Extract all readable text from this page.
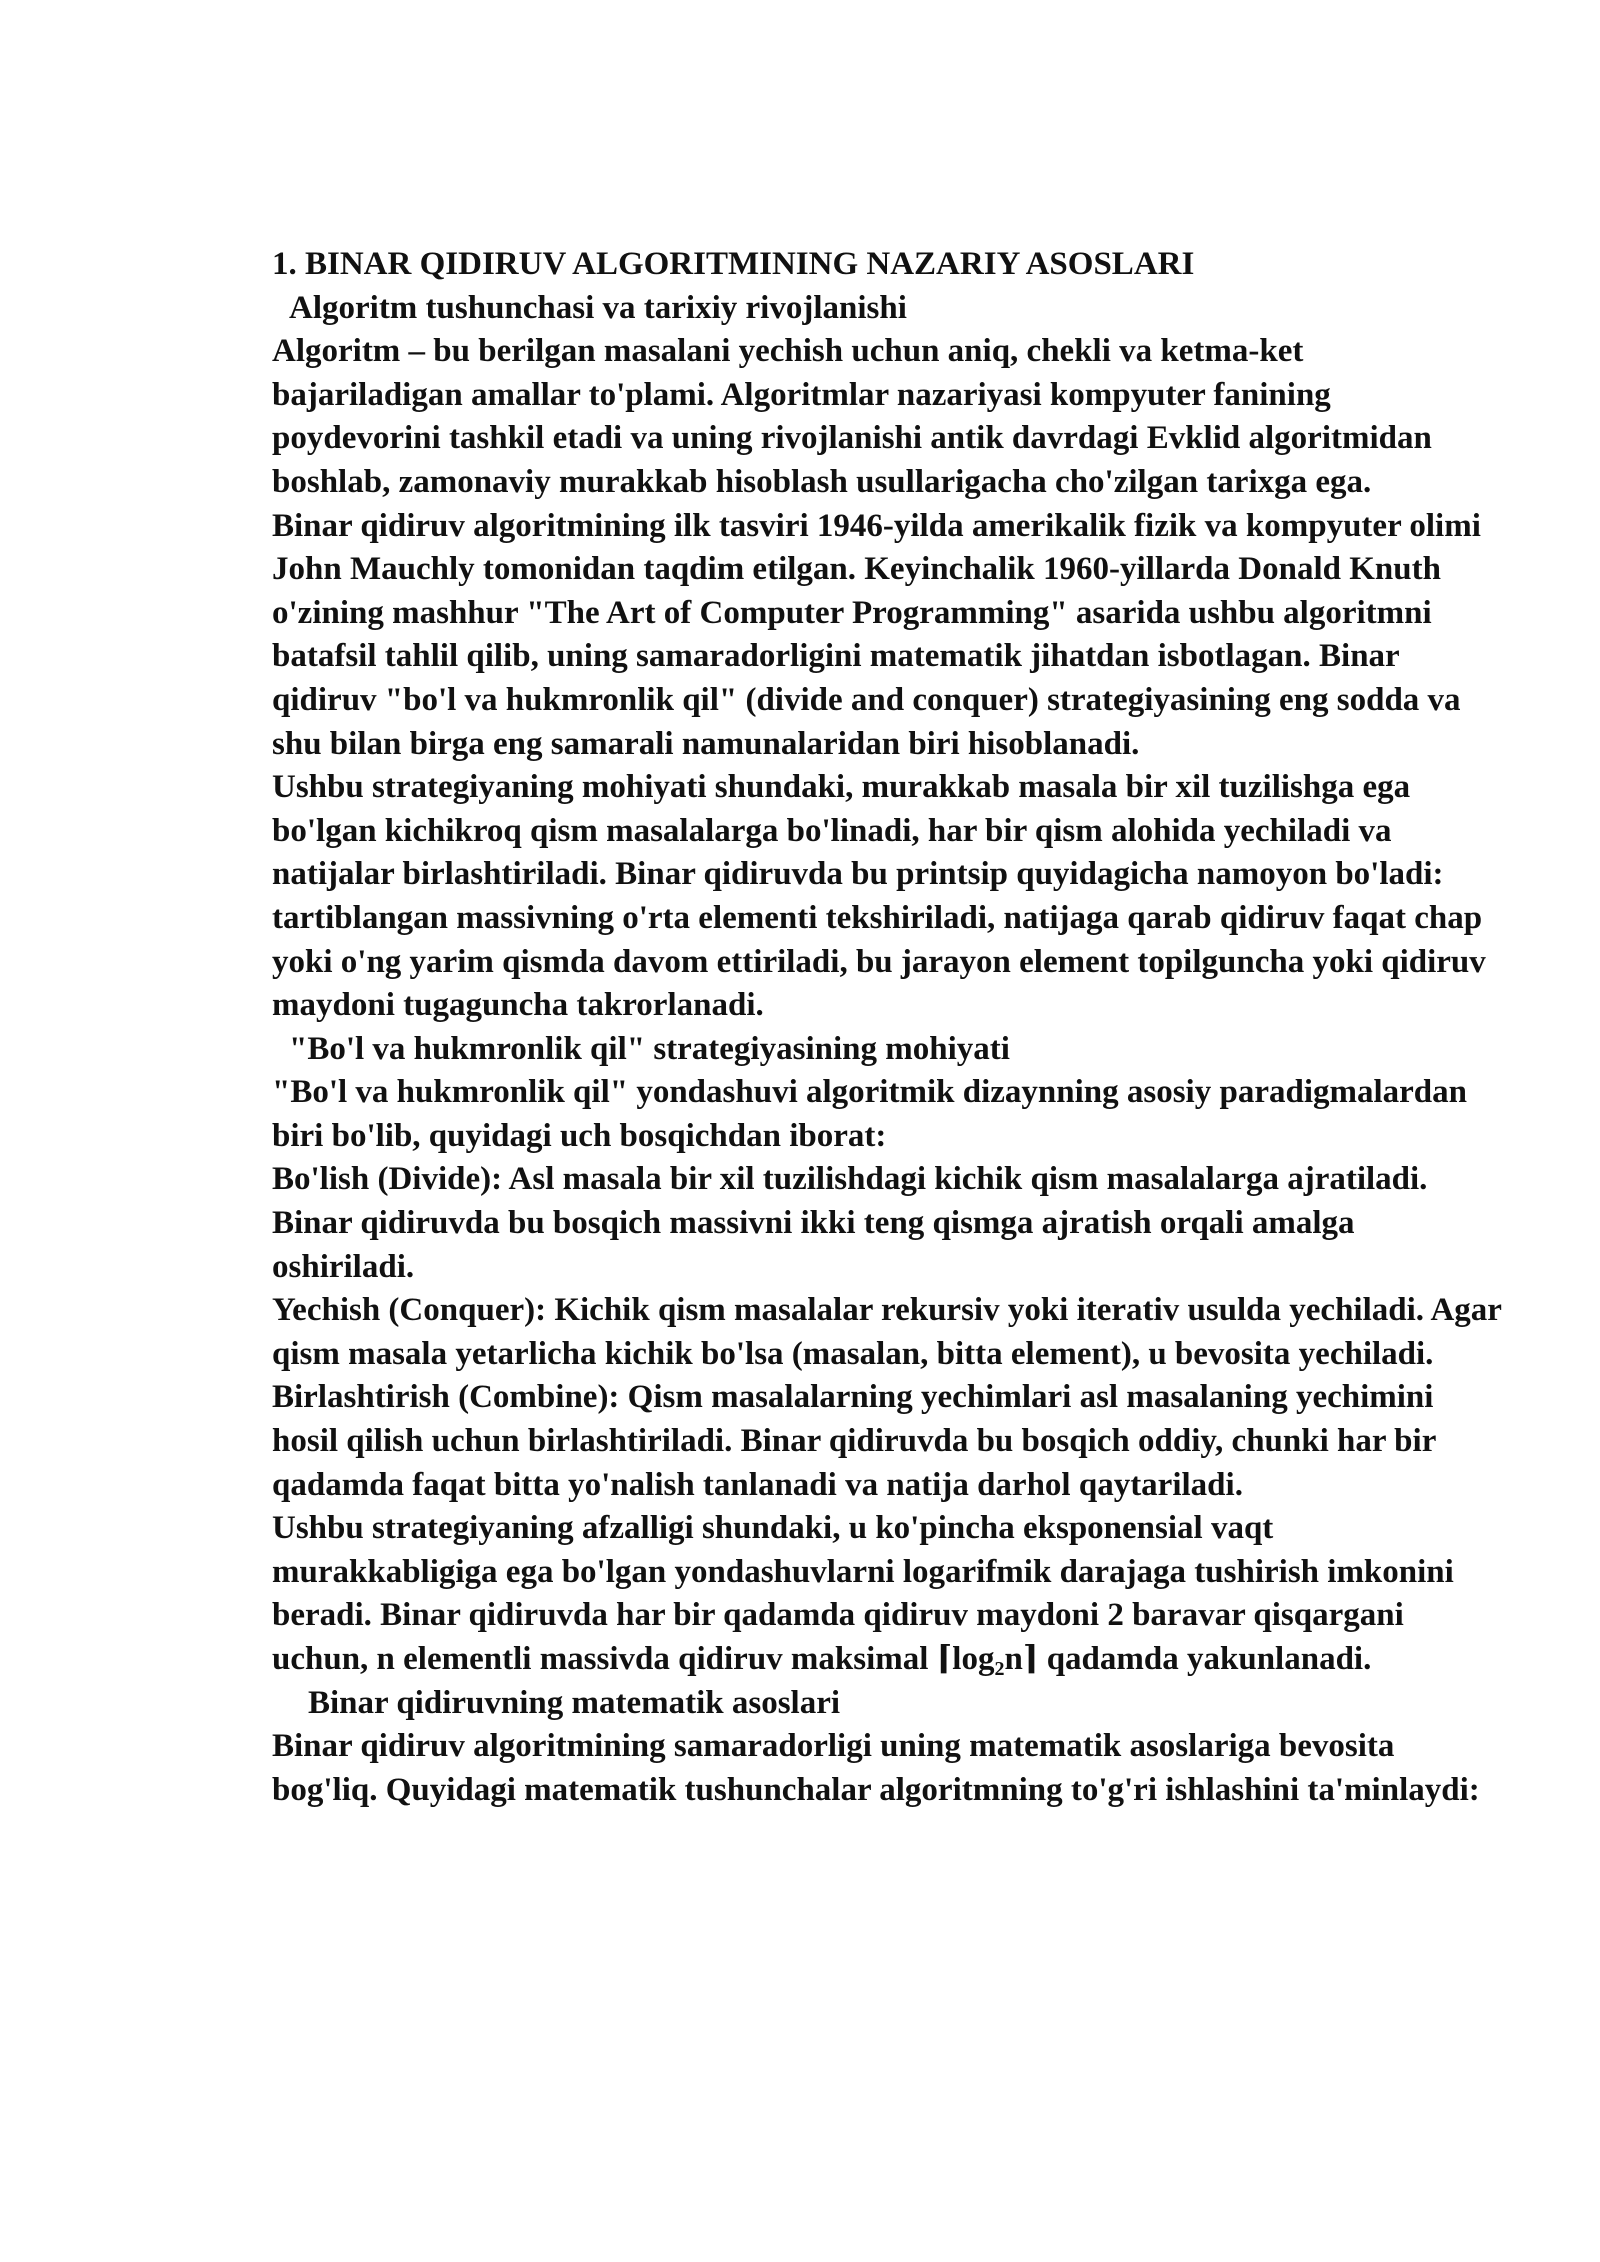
1. BINAR QIDIRUV ALGORITMINING NAZARIY ASOSLARI

Algoritm tushunchasi va tarixiy rivojlanishi

Algoritm – bu berilgan masalani yechish uchun aniq, chekli va ketma-ket bajariladigan amallar to'plami. Algoritmlar nazariyasi kompyuter fanining poydevorini tashkil etadi va uning rivojlanishi antik davrdagi Evklid algoritmidan boshlab, zamonaviy murakkab hisoblash usullarigacha cho'zilgan tarixga ega.

Binar qidiruv algoritmining ilk tasviri 1946-yilda amerikalik fizik va kompyuter olimi John Mauchly tomonidan taqdim etilgan. Keyinchalik 1960-yillarda Donald Knuth o'zining mashhur "The Art of Computer Programming" asarida ushbu algoritmni batafsil tahlil qilib, uning samaradorligini matematik jihatdan isbotlagan. Binar qidiruv "bo'l va hukmronlik qil" (divide and conquer) strategiyasining eng sodda va shu bilan birga eng samarali namunalaridan biri hisoblanadi.

Ushbu strategiyaning mohiyati shundaki, murakkab masala bir xil tuzilishga ega bo'lgan kichikroq qism masalalarga bo'linadi, har bir qism alohida yechiladi va natijalar birlashtiriladi. Binar qidiruvda bu printsip quyidagicha namoyon bo'ladi: tartiblangan massivning o'rta elementi tekshiriladi, natijaga qarab qidiruv faqat chap yoki o'ng yarim qismda davom ettiriladi, bu jarayon element topilguncha yoki qidiruv maydoni tugaguncha takrorlanadi.

"Bo'l va hukmronlik qil" strategiyasining mohiyati

"Bo'l va hukmronlik qil" yondashuvi algoritmik dizaynning asosiy paradigmalardan biri bo'lib, quyidagi uch bosqichdan iborat:

Bo'lish (Divide): Asl masala bir xil tuzilishdagi kichik qism masalalarga ajratiladi. Binar qidiruvda bu bosqich massivni ikki teng qismga ajratish orqali amalga oshiriladi.

Yechish (Conquer): Kichik qism masalalar rekursiv yoki iterativ usulda yechiladi. Agar qism masala yetarlicha kichik bo'lsa (masalan, bitta element), u bevosita yechiladi.

Birlashtirish (Combine): Qism masalalarning yechimlari asl masalaning yechimini hosil qilish uchun birlashtiriladi. Binar qidiruvda bu bosqich oddiy, chunki har bir qadamda faqat bitta yo'nalish tanlanadi va natija darhol qaytariladi.

Ushbu strategiyaning afzalligi shundaki, u ko'pincha eksponensial vaqt murakkabligiga ega bo'lgan yondashuvlarni logarifmik darajaga tushirish imkonini beradi. Binar qidiruvda har bir qadamda qidiruv maydoni 2 baravar qisqargani uchun, n elementli massivda qidiruv maksimal $⌈\log_2n⌉$ qadamda yakunlanadi.

Binar qidiruvning matematik asoslari

Binar qidiruv algoritmining samaradorligi uning matematik asoslariga bevosita bog'liq. Quyidagi matematik tushunchalar algoritmning to'g'ri ishlashini ta'minlaydi:
